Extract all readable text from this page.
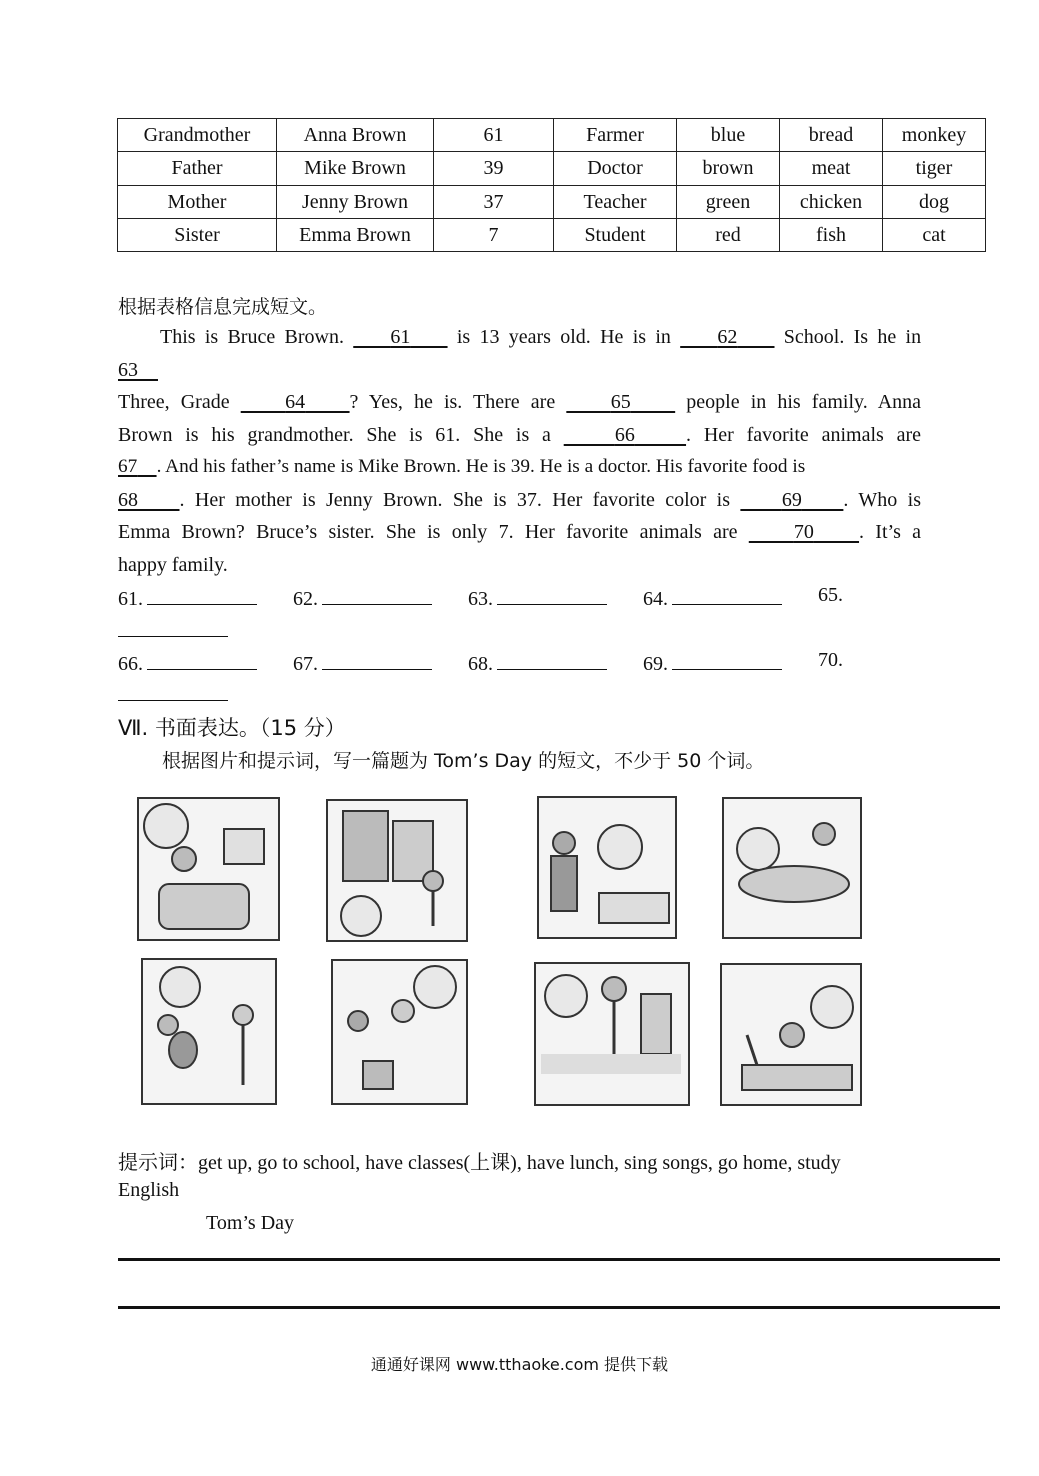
Grandmother	Anna Brown	61	Farmer	blue	bread	monkey
Father	Mike Brown	39	Doctor	brown	meat	tiger
Mother	Jenny Brown	37	Teacher	green	chicken	dog
Sister	Emma Brown	7	Student	red	fish	cat
根据表格信息完成短文。
This is Bruce Brown. 61 is 13 years old. He is in 62 School. Is he in
63
Three, Grade	64 ? Yes, he is. There are	65	people in his family. Anna
Brown is his grandmother. She is 61. She is a	66	. Her favorite animals are
67 . And his father’s name is Mike Brown. He is 39. He is a doctor. His favorite food is
68 . Her mother is Jenny Brown. She is 37. Her favorite color is	69 . Who is
Emma Brown? Bruce’s sister. She is only 7. Her favorite animals are	70 . It’s a
happy family.
61.	62.	63.	64.	65.
66.	67.	68.	69.	70.
Ⅶ. 书面表达。（15 分）
根据图片和提示词，写一篇题为 Tom’s Day 的短文，不少于 50 个词。
提示词：get up, go to school, have classes(上课), have lunch, sing songs, go home, study
English
Tom’s Day
通通好课网 www.tthaoke.com 提供下载
